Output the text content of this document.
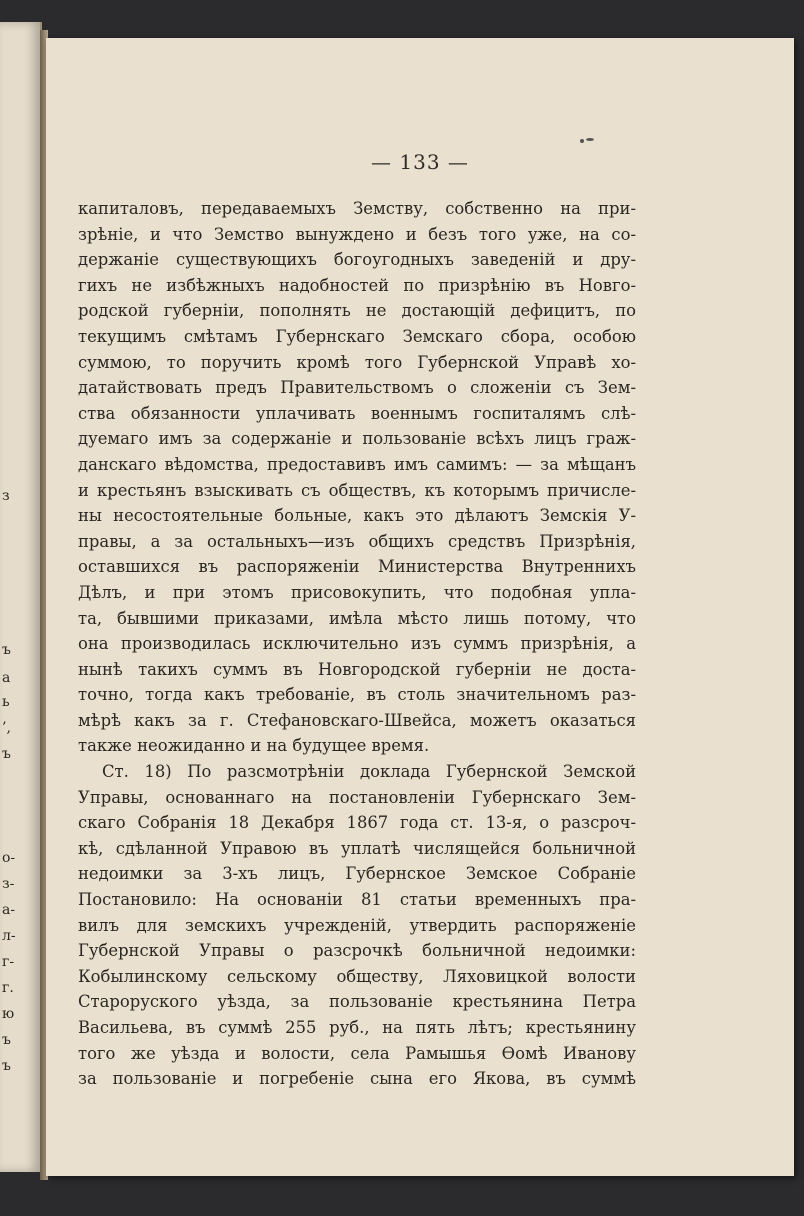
з
ъ
а
ь
’,
ъ
о-
з-
а-
л-
г-
г.
ю
ъ
ъ
— 133 —
капиталовъ, передаваемыхъ Земству, собственно на при-
зрѣніе, и что Земство вынуждено и безъ того уже, на со-
держаніе существующихъ богоугодныхъ заведеній и дру-
гихъ не избѣжныхъ надобностей по призрѣнію въ Новго-
родской губерніи, пополнять не достающій дефицитъ, по
текущимъ смѣтамъ Губернскаго Земскаго сбора, особою
суммою, то поручить кромѣ того Губернской Управѣ хо-
датайствовать предъ Правительствомъ о сложеніи съ Зем-
ства обязанности уплачивать военнымъ госпиталямъ слѣ-
дуемаго имъ за содержаніе и пользованіе всѣхъ лицъ граж-
данскаго вѣдомства, предоставивъ имъ самимъ: — за мѣщанъ
и крестьянъ взыскивать съ обществъ, къ которымъ причисле-
ны несостоятельные больные, какъ это дѣлаютъ Земскія У-
правы, а за остальныхъ—изъ общихъ средствъ Призрѣнія,
оставшихся въ распоряженіи Министерства Внутреннихъ
Дѣлъ, и при этомъ присовокупить, что подобная упла-
та, бывшими приказами, имѣла мѣсто лишь потому, что
она производилась исключительно изъ суммъ призрѣнія, а
нынѣ такихъ суммъ въ Новгородской губерніи не доста-
точно, тогда какъ требованіе, въ столь значительномъ раз-
мѣрѣ какъ за г. Стефановскаго-Швейса, можетъ оказаться
также неожиданно и на будущее время.
Ст. 18) По разсмотрѣніи доклада Губернской Земской
Управы, основаннаго на постановленіи Губернскаго Зем-
скаго Собранія 18 Декабря 1867 года ст. 13-я, о разсроч-
кѣ, сдѣланной Управою въ уплатѣ числящейся больничной
недоимки за 3-хъ лицъ, Губернское Земское Собраніе
Постановило: На основаніи 81 статьи временныхъ пра-
вилъ для земскихъ учрежденій, утвердить распоряженіе
Губернской Управы о разсрочкѣ больничной недоимки:
Кобылинскому сельскому обществу, Ляховицкой волости
Староруского уѣзда, за пользованіе крестьянина Петра
Васильева, въ суммѣ 255 руб., на пять лѣтъ; крестьянину
того же уѣзда и волости, села Рамышья Ѳомѣ Иванову
за пользованіе и погребеніе сына его Якова, въ суммѣ
